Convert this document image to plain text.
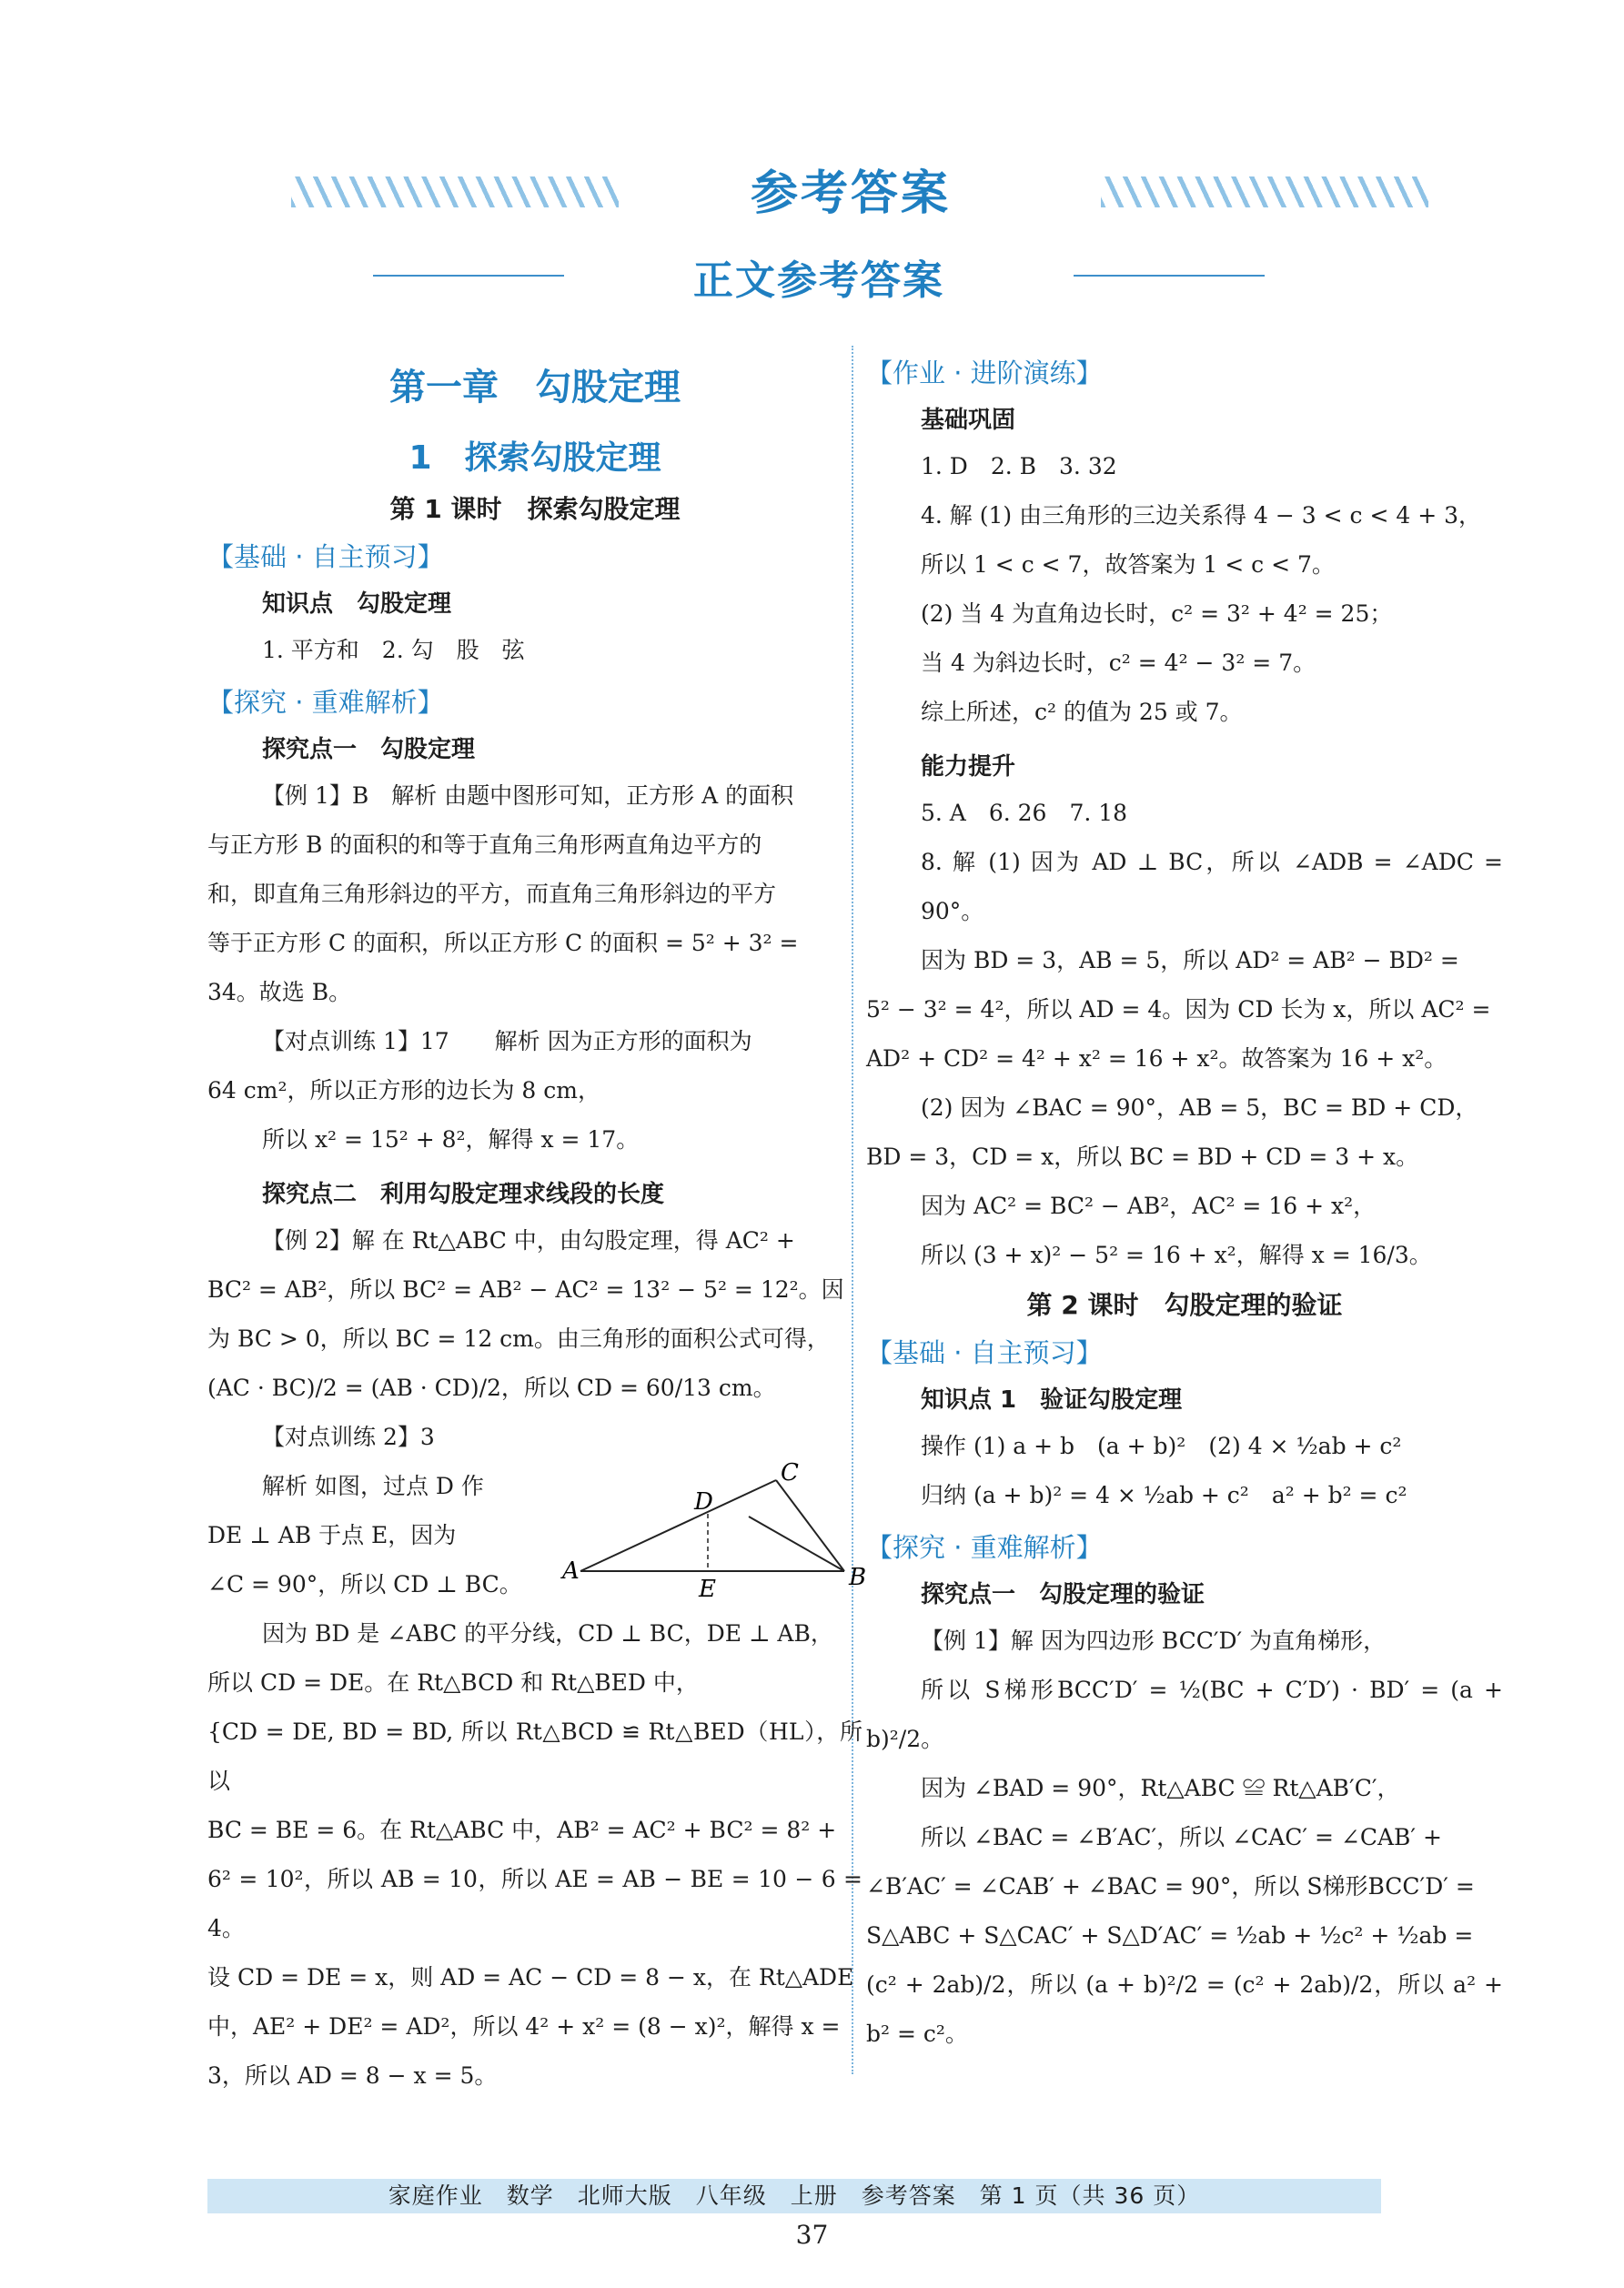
参考答案
正文参考答案
第一章　勾股定理
1　探索勾股定理
第 1 课时　探索勾股定理
【基础 · 自主预习】
知识点　勾股定理
1. 平方和　2. 勾　股　弦
【探究 · 重难解析】
探究点一　勾股定理
【例 1】B　解析 由题中图形可知，正方形 A 的面积
与正方形 B 的面积的和等于直角三角形两直角边平方的
和，即直角三角形斜边的平方，而直角三角形斜边的平方
等于正方形 C 的面积，所以正方形 C 的面积 = 5² + 3² =
34。故选 B。
【对点训练 1】17　　解析 因为正方形的面积为
64 cm²，所以正方形的边长为 8 cm，
所以 x² = 15² + 8²，解得 x = 17。
探究点二　利用勾股定理求线段的长度
【例 2】解 在 Rt△ABC 中，由勾股定理，得 AC² +
BC² = AB²，所以 BC² = AB² − AC² = 13² − 5² = 12²。因
为 BC > 0，所以 BC = 12 cm。由三角形的面积公式可得，
(AC · BC)/2 = (AB · CD)/2，所以 CD = 60/13 cm。
【对点训练 2】3
A	B
C
D
E
解析 如图，过点 D 作
DE ⊥ AB 于点 E，因为
∠C = 90°，所以 CD ⊥ BC。
因为 BD 是 ∠ABC 的平分线，CD ⊥ BC，DE ⊥ AB，
所以 CD = DE。在 Rt△BCD 和 Rt△BED 中，
{CD = DE, BD = BD, 所以 Rt△BCD ≌ Rt△BED（HL），所以
BC = BE = 6。在 Rt△ABC 中，AB² = AC² + BC² = 8² +
6² = 10²，所以 AB = 10，所以 AE = AB − BE = 10 − 6 = 4。
设 CD = DE = x，则 AD = AC − CD = 8 − x，在 Rt△ADE
中，AE² + DE² = AD²，所以 4² + x² = (8 − x)²，解得 x =
3，所以 AD = 8 − x = 5。
【作业 · 进阶演练】
基础巩固
1. D　2. B　3. 32
4. 解 (1) 由三角形的三边关系得 4 − 3 < c < 4 + 3，
所以 1 < c < 7，故答案为 1 < c < 7。
(2) 当 4 为直角边长时，c² = 3² + 4² = 25；
当 4 为斜边长时，c² = 4² − 3² = 7。
综上所述，c² 的值为 25 或 7。
能力提升
5. A　6. 26　7. 18
8. 解 (1) 因为 AD ⊥ BC，所以 ∠ADB = ∠ADC = 90°。
因为 BD = 3，AB = 5，所以 AD² = AB² − BD² =
5² − 3² = 4²，所以 AD = 4。因为 CD 长为 x，所以 AC² =
AD² + CD² = 4² + x² = 16 + x²。故答案为 16 + x²。
(2) 因为 ∠BAC = 90°，AB = 5，BC = BD + CD，
BD = 3，CD = x，所以 BC = BD + CD = 3 + x。
因为 AC² = BC² − AB²，AC² = 16 + x²，
所以 (3 + x)² − 5² = 16 + x²，解得 x = 16/3。
第 2 课时　勾股定理的验证
【基础 · 自主预习】
知识点 1　验证勾股定理
操作 (1) a + b　(a + b)²　(2) 4 × ½ab + c²
归纳 (a + b)² = 4 × ½ab + c²　a² + b² = c²
【探究 · 重难解析】
探究点一　勾股定理的验证
【例 1】解 因为四边形 BCC′D′ 为直角梯形，
所以 S梯形BCC′D′ = ½(BC + C′D′) · BD′ = (a + b)²/2。
因为 ∠BAD = 90°，Rt△ABC ≌ Rt△AB′C′，
所以 ∠BAC = ∠B′AC′，所以 ∠CAC′ = ∠CAB′ +
∠B′AC′ = ∠CAB′ + ∠BAC = 90°，所以 S梯形BCC′D′ =
S△ABC + S△CAC′ + S△D′AC′ = ½ab + ½c² + ½ab =
(c² + 2ab)/2，所以 (a + b)²/2 = (c² + 2ab)/2，所以 a² + b² = c²。
家庭作业　数学　北师大版　八年级　上册　参考答案　第 1 页（共 36 页）
37
